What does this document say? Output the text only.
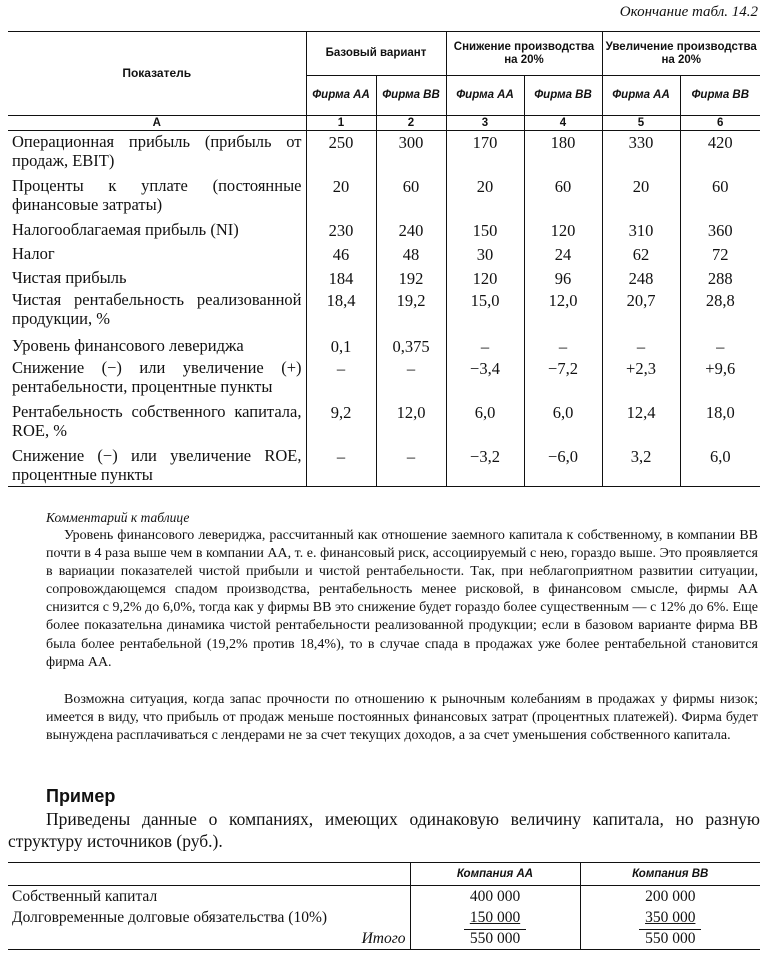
Окончание табл. 14.2
Показатель	Базовый вариант		Снижение производства на 20%		Увеличение производства на 20%	
	Фирма AA	Фирма BB	Фирма AA	Фирма BB	Фирма AA	Фирма BB
А	1	2	3	4	5	6
Операционная прибыль (прибыль от продаж, EBIT)	250	300	170	180	330	420
Проценты к уплате (постоянные финансовые затраты)	20	60	20	60	20	60
Налогооблагаемая прибыль (NI)	230	240	150	120	310	360
Налог	46	48	30	24	62	72
Чистая прибыль	184	192	120	96	248	288
Чистая рентабельность реализованной продукции, %	18,4	19,2	15,0	12,0	20,7	28,8
Уровень финансового левериджа	0,1	0,375	–	–	–	–
Снижение (−) или увеличение (+) рентабельности, процентные пункты	–	–	−3,4	−7,2	+2,3	+9,6
Рентабельность собственного капитала, ROE, %	9,2	12,0	6,0	6,0	12,4	18,0
Снижение (−) или увеличение ROE, процентные пункты	–	–	−3,2	−6,0	3,2	6,0
Комментарий к таблице

Уровень финансового левериджа, рассчитанный как отношение заемного капитала к собственному, в компании BB почти в 4 раза выше чем в компании AA, т. е. финансовый риск, ассоциируемый с нею, гораздо выше. Это проявляется в вариации показателей чистой прибыли и чистой рентабельности. Так, при неблагоприятном развитии ситуации, сопровождающемся спадом производства, рентабельность менее рисковой, в финансовом смысле, фирмы AA снизится с 9,2% до 6,0%, тогда как у фирмы BB это снижение будет гораздо более существенным — с 12% до 6%. Еще более показательна динамика чистой рентабельности реализованной продукции; если в базовом варианте фирма BB была более рентабельной (19,2% против 18,4%), то в случае спада в продажах уже более рентабельной становится фирма AA.

Возможна ситуация, когда запас прочности по отношению к рыночным колебаниям в продажах у фирмы низок; имеется в виду, что прибыль от продаж меньше постоянных финансовых затрат (процентных платежей). Фирма будет вынуждена расплачиваться с лендерами не за счет текущих доходов, а за счет уменьшения собственного капитала.

Пример

Приведены данные о компаниях, имеющих одинаковую величину капитала, но разную структуру источников (руб.).

	Компания AA	Компания BB
Собственный капитал	400 000	200 000
Долговременные долговые обязательства (10%)	150 000	350 000
Итого	550 000	550 000
